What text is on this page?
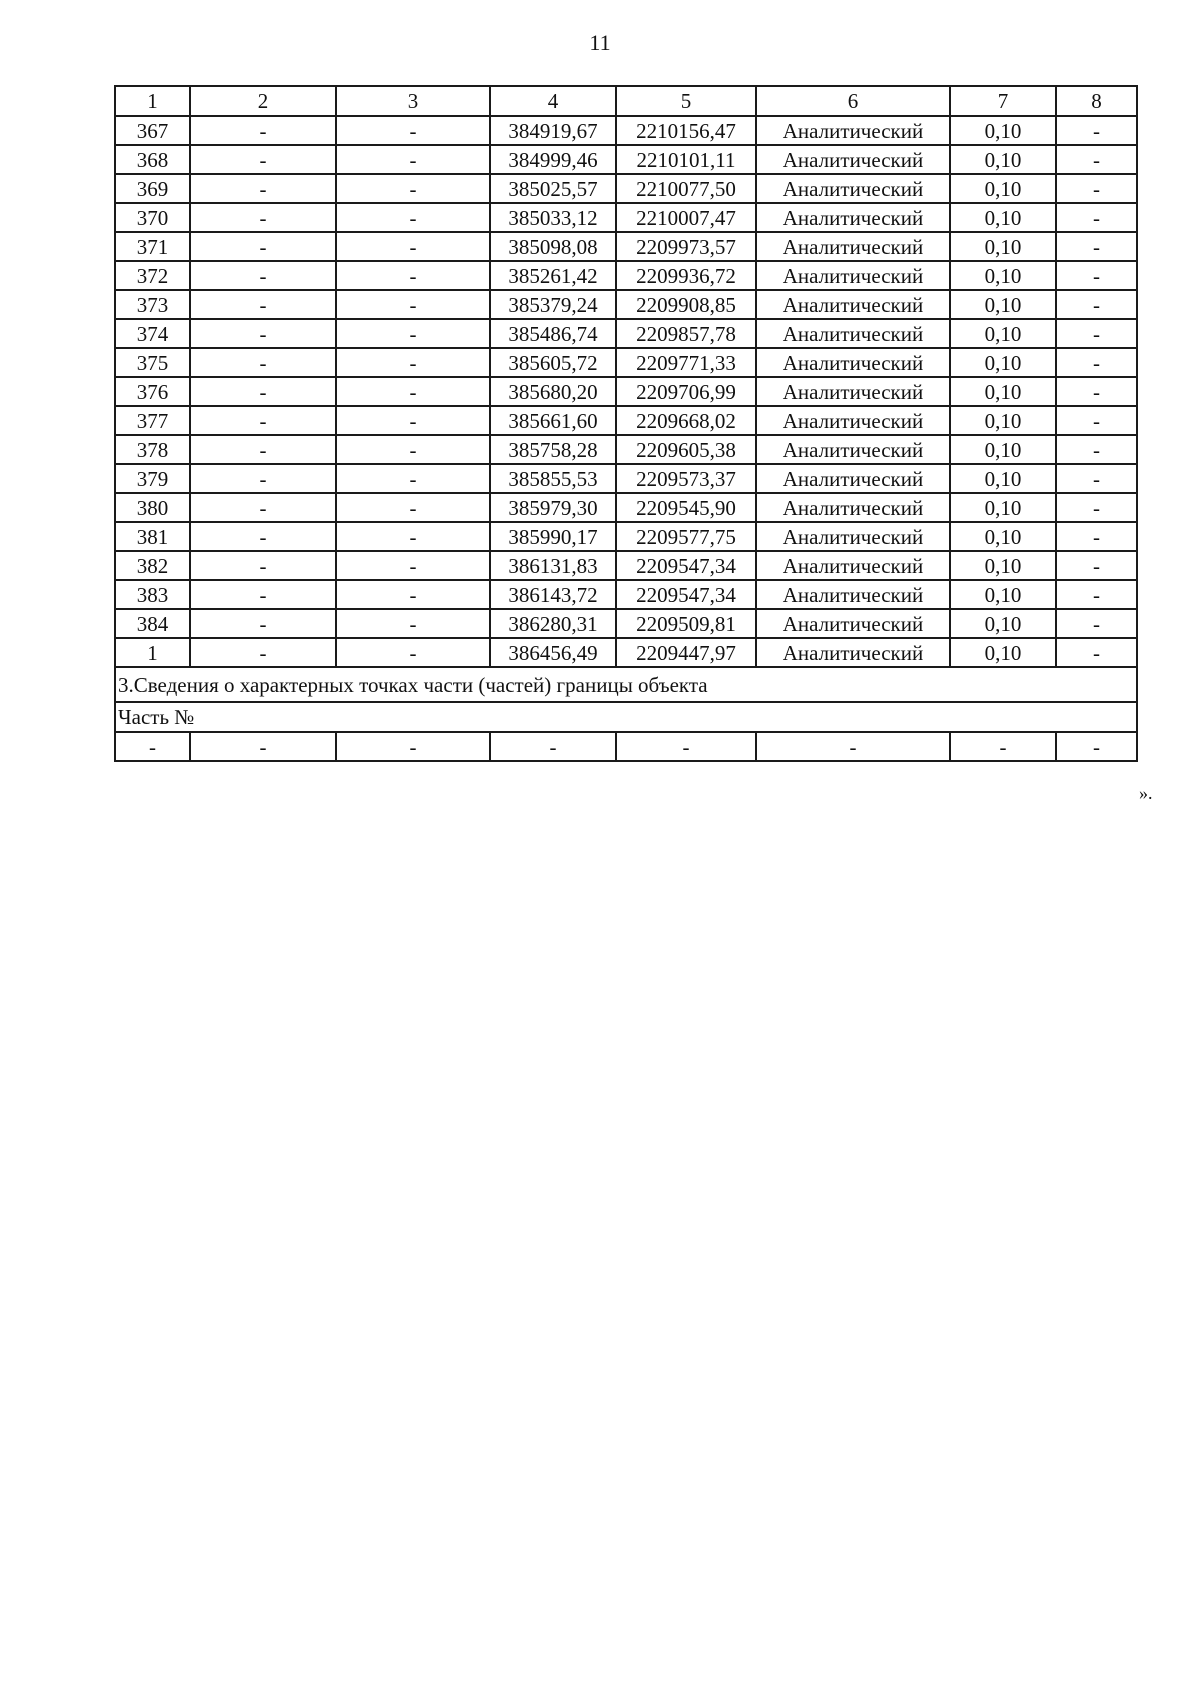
11
1	2	3	4	5	6	7	8
367	-	-	384919,67	2210156,47	Аналитический	0,10	-
368	-	-	384999,46	2210101,11	Аналитический	0,10	-
369	-	-	385025,57	2210077,50	Аналитический	0,10	-
370	-	-	385033,12	2210007,47	Аналитический	0,10	-
371	-	-	385098,08	2209973,57	Аналитический	0,10	-
372	-	-	385261,42	2209936,72	Аналитический	0,10	-
373	-	-	385379,24	2209908,85	Аналитический	0,10	-
374	-	-	385486,74	2209857,78	Аналитический	0,10	-
375	-	-	385605,72	2209771,33	Аналитический	0,10	-
376	-	-	385680,20	2209706,99	Аналитический	0,10	-
377	-	-	385661,60	2209668,02	Аналитический	0,10	-
378	-	-	385758,28	2209605,38	Аналитический	0,10	-
379	-	-	385855,53	2209573,37	Аналитический	0,10	-
380	-	-	385979,30	2209545,90	Аналитический	0,10	-
381	-	-	385990,17	2209577,75	Аналитический	0,10	-
382	-	-	386131,83	2209547,34	Аналитический	0,10	-
383	-	-	386143,72	2209547,34	Аналитический	0,10	-
384	-	-	386280,31	2209509,81	Аналитический	0,10	-
1	-	-	386456,49	2209447,97	Аналитический	0,10	-
3.Сведения о характерных точках части (частей) границы объекта							
Часть №							
-	-	-	-	-	-	-	-
».
